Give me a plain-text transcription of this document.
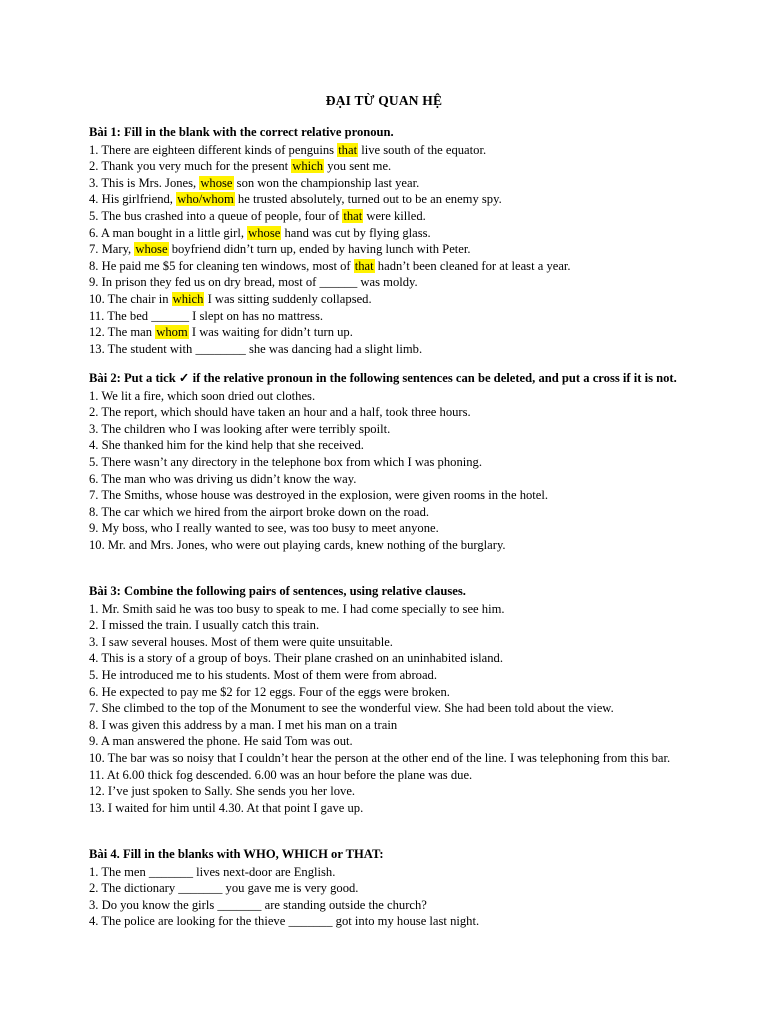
ĐẠI TỪ QUAN HỆ
Bài 1: Fill in the blank with the correct relative pronoun.
1. There are eighteen different kinds of penguins that live south of the equator.
2. Thank you very much for the present which you sent me.
3. This is Mrs. Jones, whose son won the championship last year.
4. His girlfriend, who/whom he trusted absolutely, turned out to be an enemy spy.
5. The bus crashed into a queue of people, four of that were killed.
6. A man bought in a little girl, whose hand was cut by flying glass.
7. Mary, whose boyfriend didn’t turn up, ended by having lunch with Peter.
8. He paid me $5 for cleaning ten windows, most of that hadn’t been cleaned for at least a year.
9. In prison they fed us on dry bread, most of ______ was moldy.
10. The chair in which I was sitting suddenly collapsed.
11. The bed ______ I slept on has no mattress.
12. The man whom I was waiting for didn’t turn up.
13. The student with ________ she was dancing had a slight limb.
Bài 2: Put a tick ✓ if the relative pronoun in the following sentences can be deleted, and put a cross if it is not.
1. We lit a fire, which soon dried out clothes.
2. The report, which should have taken an hour and a half, took three hours.
3. The children who I was looking after were terribly spoilt.
4. She thanked him for the kind help that she received.
5. There wasn’t any directory in the telephone box from which I was phoning.
6. The man who was driving us didn’t know the way.
7. The Smiths, whose house was destroyed in the explosion, were given rooms in the hotel.
8. The car which we hired from the airport broke down on the road.
9. My boss, who I really wanted to see, was too busy to meet anyone.
10. Mr. and Mrs. Jones, who were out playing cards, knew nothing of the burglary.
Bài 3: Combine the following pairs of sentences, using relative clauses.
1. Mr. Smith said he was too busy to speak to me. I had come specially to see him.
2. I missed the train. I usually catch this train.
3. I saw several houses. Most of them were quite unsuitable.
4. This is a story of a group of boys. Their plane crashed on an uninhabited island.
5. He introduced me to his students. Most of them were from abroad.
6. He expected to pay me $2 for 12 eggs. Four of the eggs were broken.
7. She climbed to the top of the Monument to see the wonderful view. She had been told about the view.
8. I was given this address by a man. I met his man on a train
9. A man answered the phone. He said Tom was out.
10. The bar was so noisy that I couldn’t hear the person at the other end of the line. I was telephoning from this bar.
11. At 6.00 thick fog descended. 6.00 was an hour before the plane was due.
12. I’ve just spoken to Sally. She sends you her love.
13. I waited for him until 4.30. At that point I gave up.
Bài 4. Fill in the blanks with WHO, WHICH or THAT:
1. The men _______ lives next-door are English.
2. The dictionary _______ you gave me is very good.
3. Do you know the girls _______ are standing outside the church?
4. The police are looking for the thieve _______ got into my house last night.
